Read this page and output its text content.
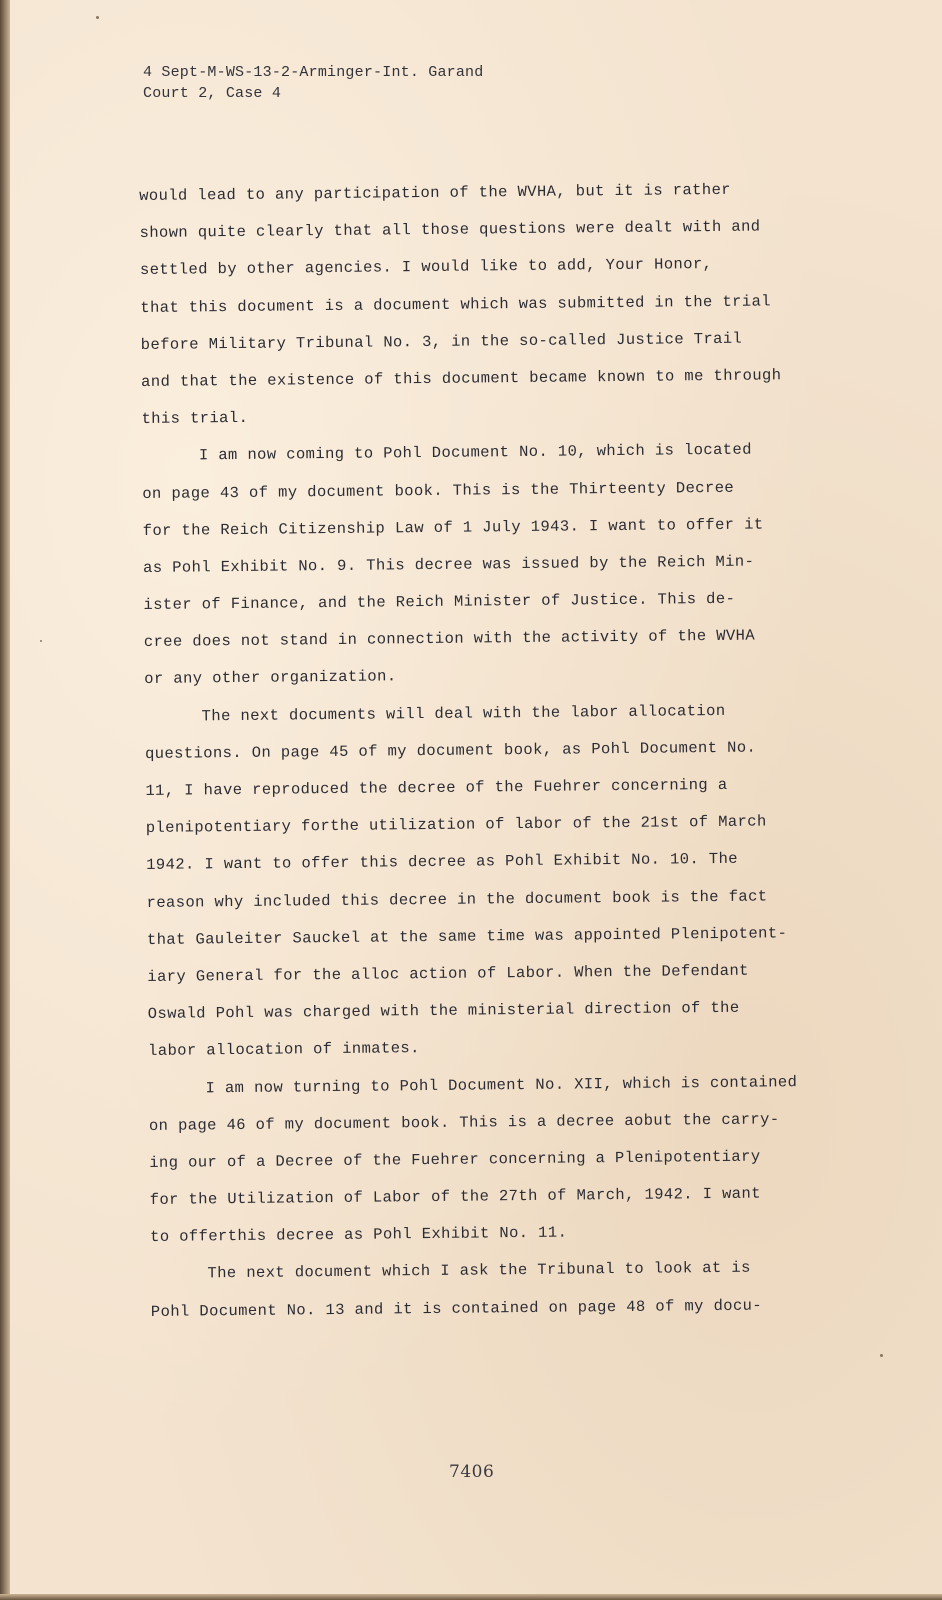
4 Sept-M-WS-13-2-Arminger-Int. Garand
Court 2, Case 4
would lead to any participation of the WVHA, but it is rather
shown quite clearly that all those questions were dealt with and
settled by other agencies. I would like to add, Your Honor,
that this document is a document which was submitted in the trial
before Military Tribunal No. 3, in the so-called Justice Trail
and that the existence of this document became known to me through
this trial.
I am now coming to Pohl Document No. 10, which is located
on page 43 of my document book. This is the Thirteenty Decree
for the Reich Citizenship Law of 1 July 1943. I want to offer it
as Pohl Exhibit No. 9. This decree was issued by the Reich Min-
ister of Finance, and the Reich Minister of Justice. This de-
cree does not stand in connection with the activity of the WVHA
or any other organization.
The next documents will deal with the labor allocation
questions. On page 45 of my document book, as Pohl Document No.
11, I have reproduced the decree of the Fuehrer concerning a
plenipotentiary forthe utilization of labor of the 21st of March
1942. I want to offer this decree as Pohl Exhibit No. 10. The
reason why included this decree in the document book is the fact
that Gauleiter Sauckel at the same time was appointed Plenipotent-
iary General for the alloc action of Labor. When the Defendant
Oswald Pohl was charged with the ministerial direction of the
labor allocation of inmates.
I am now turning to Pohl Document No. XII, which is contained
on page 46 of my document book. This is a decree aobut the carry-
ing our of a Decree of the Fuehrer concerning a Plenipotentiary
for the Utilization of Labor of the 27th of March, 1942. I want
to offerthis decree as Pohl Exhibit No. 11.
The next document which I ask the Tribunal to look at is
Pohl Document No. 13 and it is contained on page 48 of my docu-
7406
